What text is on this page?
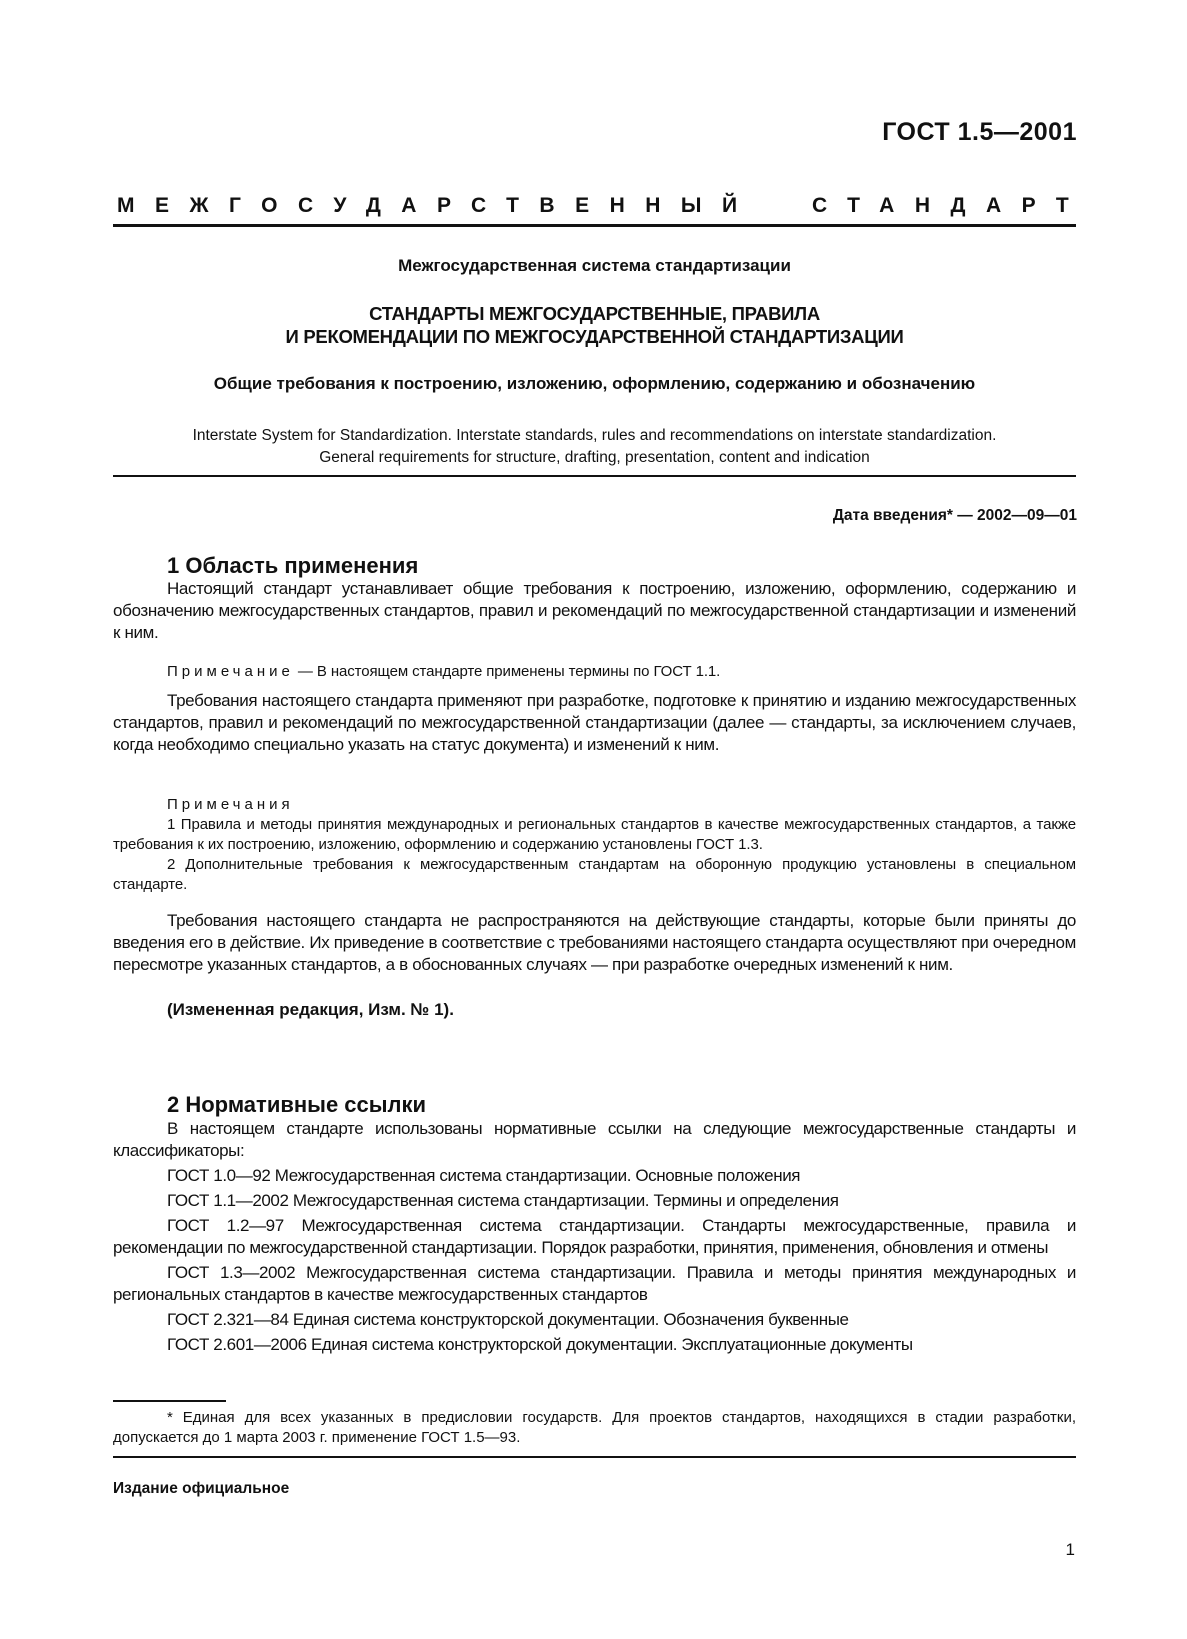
ГОСТ 1.5—2001
МЕЖГОСУДАРСТВЕННЫЙ	СТАНДАРТ
Межгосударственная система стандартизации
СТАНДАРТЫ МЕЖГОСУДАРСТВЕННЫЕ, ПРАВИЛА
И РЕКОМЕНДАЦИИ ПО МЕЖГОСУДАРСТВЕННОЙ СТАНДАРТИЗАЦИИ
Общие требования к построению, изложению, оформлению, содержанию и обозначению
Interstate System for Standardization. Interstate standards, rules and recommendations on interstate standardization. General requirements for structure, drafting, presentation, content and indication
Дата введения* — 2002—09—01
1 Область применения

Настоящий стандарт устанавливает общие требования к построению, изложению, оформлению, содержанию и обозначению межгосударственных стандартов, правил и рекомендаций по межгосударственной стандартизации и изменений к ним.

Примечание — В настоящем стандарте применены термины по ГОСТ 1.1.

Требования настоящего стандарта применяют при разработке, подготовке к принятию и изданию межгосударственных стандартов, правил и рекомендаций по межгосударственной стандартизации (далее — стандарты, за исключением случаев, когда необходимо специально указать на статус документа) и изменений к ним.

Примечания

1 Правила и методы принятия международных и региональных стандартов в качестве межгосударственных стандартов, а также требования к их построению, изложению, оформлению и содержанию установлены ГОСТ 1.3.

2 Дополнительные требования к межгосударственным стандартам на оборонную продукцию установлены в специальном стандарте.

Требования настоящего стандарта не распространяются на действующие стандарты, которые были приняты до введения его в действие. Их приведение в соответствие с требованиями настоящего стандарта осуществляют при очередном пересмотре указанных стандартов, а в обоснованных случаях — при разработке очередных изменений к ним.

(Измененная редакция, Изм. № 1).
2 Нормативные ссылки

В настоящем стандарте использованы нормативные ссылки на следующие межгосударственные стандарты и классификаторы:

ГОСТ 1.0—92 Межгосударственная система стандартизации. Основные положения

ГОСТ 1.1—2002 Межгосударственная система стандартизации. Термины и определения

ГОСТ 1.2—97 Межгосударственная система стандартизации. Стандарты межгосударственные, правила и рекомендации по межгосударственной стандартизации. Порядок разработки, принятия, применения, обновления и отмены

ГОСТ 1.3—2002 Межгосударственная система стандартизации. Правила и методы принятия международных и региональных стандартов в качестве межгосударственных стандартов

ГОСТ 2.321—84 Единая система конструкторской документации. Обозначения буквенные

ГОСТ 2.601—2006 Единая система конструкторской документации. Эксплуатационные документы

* Единая для всех указанных в предисловии государств. Для проектов стандартов, находящихся в стадии разработки, допускается до 1 марта 2003 г. применение ГОСТ 1.5—93.

Издание официальное
1
